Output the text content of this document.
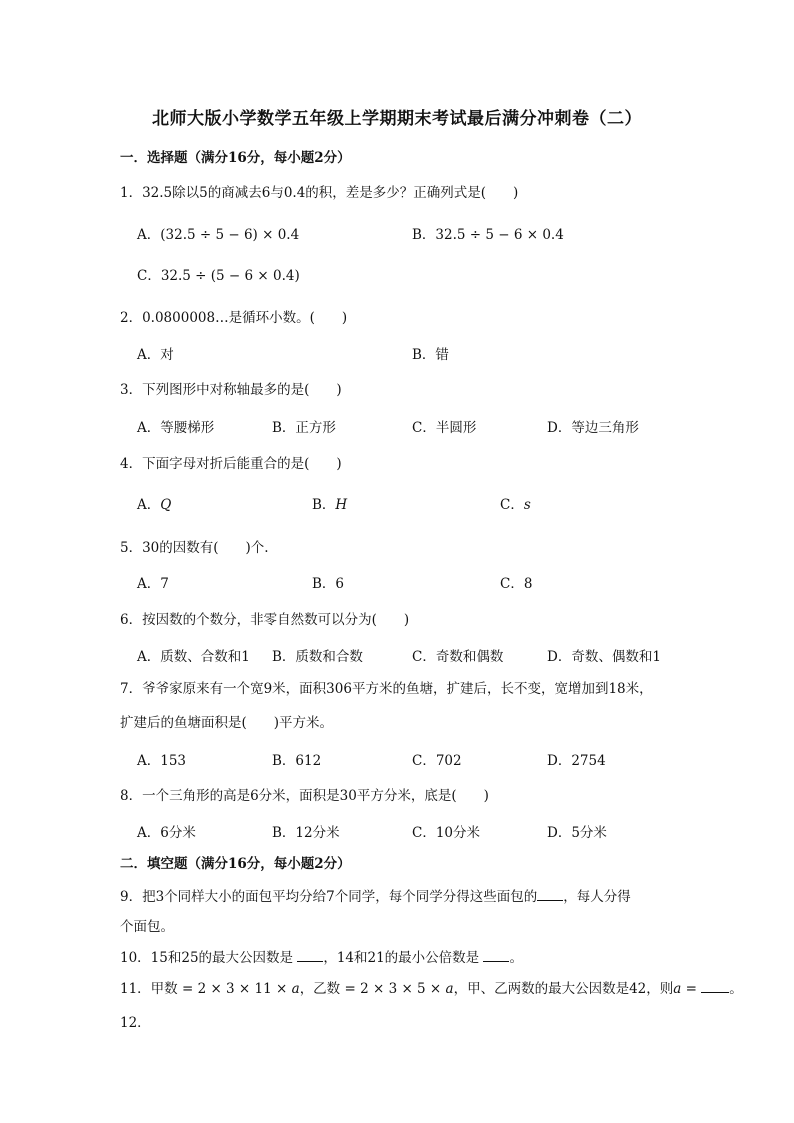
北师大版小学数学五年级上学期期末考试最后满分冲刺卷（二）
一．选择题（满分16分，每小题2分）
1．32.5除以5的商减去6与0.4的积，差是多少？正确列式是(　　)
A．(32.5 ÷ 5 − 6) × 0.4	B．32.5 ÷ 5 − 6 × 0.4
C．32.5 ÷ (5 − 6 × 0.4)
2．0.0800008…是循环小数。(　　)
A．对	B．错
3．下列图形中对称轴最多的是(　　)
A．等腰梯形	B．正方形	C．半圆形	D．等边三角形
4．下面字母对折后能重合的是(　　)
A．Q	B．H	C．s
5．30的因数有(　　)个.
A．7	B．6	C．8
6．按因数的个数分，非零自然数可以分为(　　)
A．质数、合数和1 B．质数和合数	C．奇数和偶数	D．奇数、偶数和1
7．爷爷家原来有一个宽9米，面积306平方米的鱼塘，扩建后，长不变，宽增加到18米，
扩建后的鱼塘面积是(　　)平方米。
A．153	B．612	C．702	D．2754
8．一个三角形的高是6分米，面积是30平方分米，底是(　　)
A．6分米	B．12分米	C．10分米	D．5分米
二．填空题（满分16分，每小题2分）
9．把3个同样大小的面包平均分给7个同学，每个同学分得这些面包的 ，每人分得
个面包。
10．15和25的最大公因数是 ，14和21的最小公倍数是 。
11．甲数 = 2 × 3 × 11 × a，乙数 = 2 × 3 × 5 × a，甲、乙两数的最大公因数是42，则a = 。
12．
